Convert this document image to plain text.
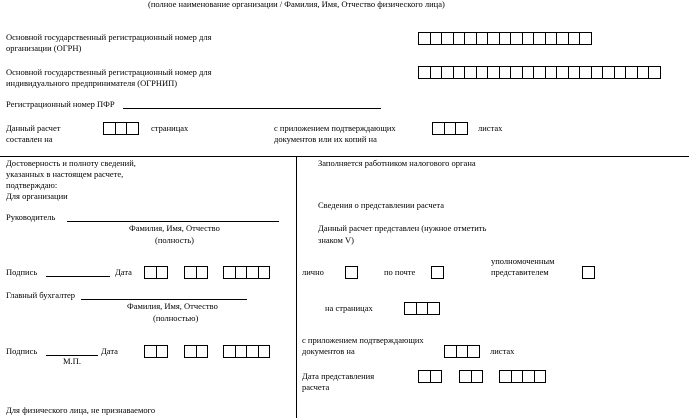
(полное наименование организации / Фамилия, Имя, Отчество физического лица)
Основной государственный регистрационный номер для
организации (ОГРН)
Основной государственный регистрационный номер для
индивидуального предпринимателя (ОГРНИП)
Регистрационный номер ПФР
Данный расчет
составлен на
страницах	с приложением подтверждающих
документов или их копий на
листах
Достоверность и полноту сведений,
указанных в настоящем расчете,
подтверждаю:
Для организации
Руководитель
Фамилия, Имя, Отчество
(полность)
Подпись	Дата
Главный бухгалтер
Фамилия, Имя, Отчество
(полностью)
Подпись	Дата
М.П.
Для физического лица, не признаваемого
Заполняется работником налогового органа
Сведения о представлении расчета
Данный расчет представлен (нужное отметить
знаком V)
лично	по почте
уполномоченным
представителем
на страницах
с приложением подтверждающих
документов на	листах
Дата представления
расчета
